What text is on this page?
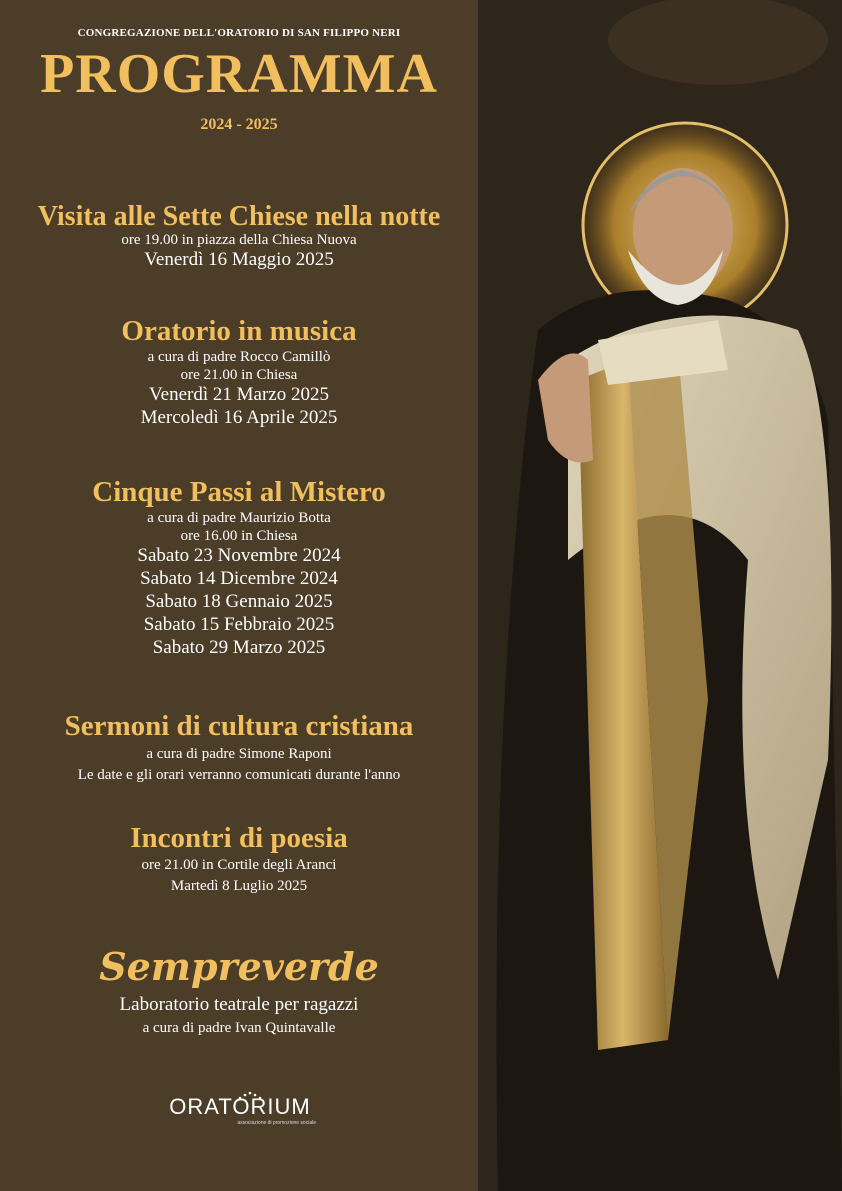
CONGREGAZIONE DELL'ORATORIO DI SAN FILIPPO NERI
PROGRAMMA
2024 - 2025
Visita alle Sette Chiese nella notte
ore 19.00 in piazza della Chiesa Nuova
Venerdì 16 Maggio 2025
Oratorio in musica
a cura di padre Rocco Camillò
ore 21.00 in Chiesa
Venerdì 21 Marzo 2025
Mercoledì 16 Aprile 2025
Cinque Passi al Mistero
a cura di padre Maurizio Botta
ore 16.00 in Chiesa
Sabato 23 Novembre 2024
Sabato 14 Dicembre 2024
Sabato 18 Gennaio 2025
Sabato 15 Febbraio 2025
Sabato 29 Marzo 2025
Sermoni di cultura cristiana
a cura di padre Simone Raponi
Le date e gli orari verranno comunicati durante l'anno
Incontri di poesia
ore 21.00 in Cortile degli Aranci
Martedì 8 Luglio 2025
Sempreverde
Laboratorio teatrale per ragazzi
a cura di padre Ivan Quintavalle
ORATORIUM
associazione di promozione sociale
